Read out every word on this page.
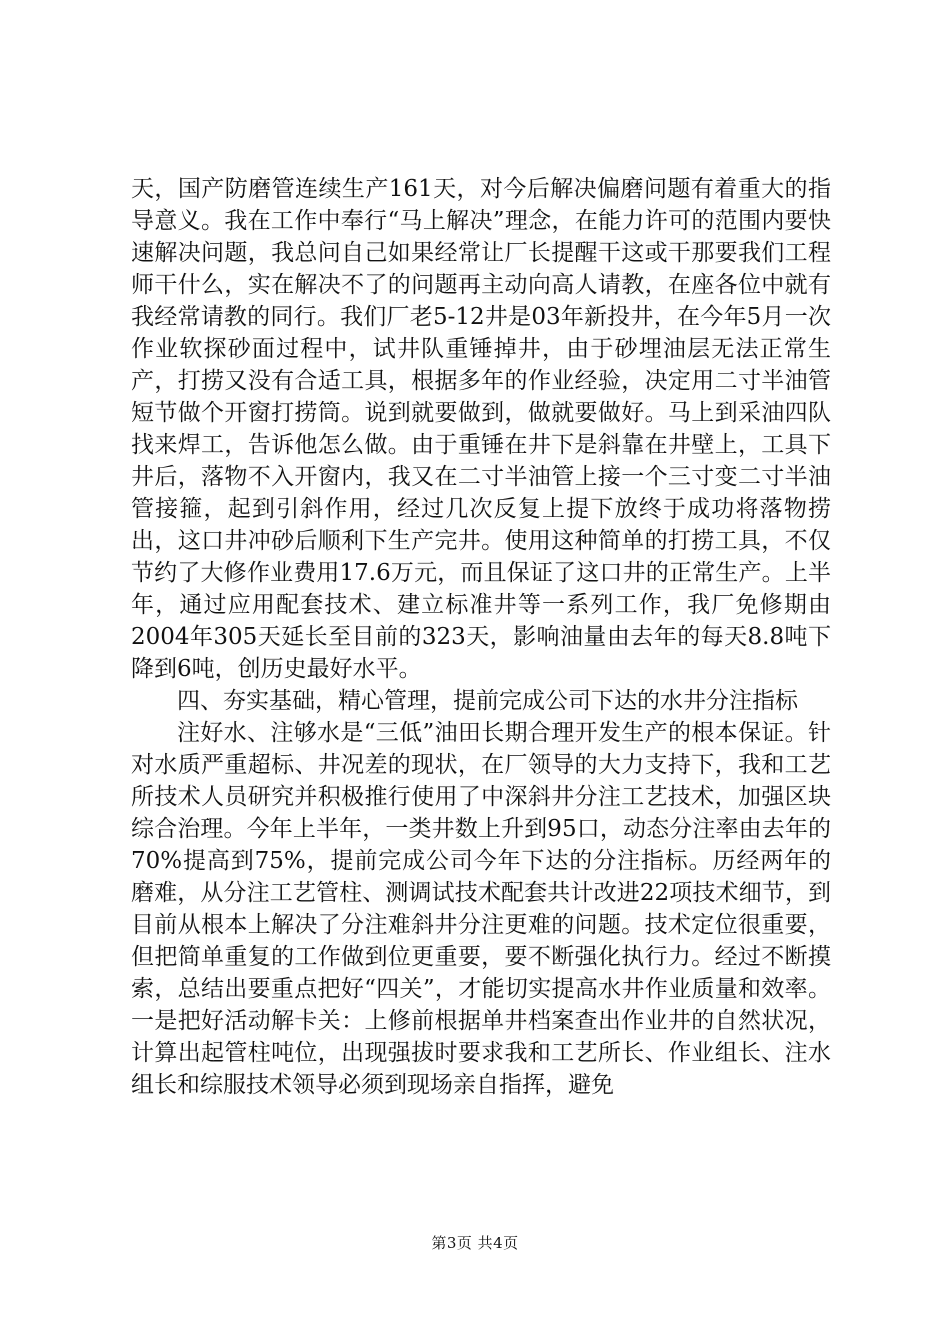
天，国产防磨管连续生产161天，对今后解决偏磨问题有着重大的指导意义。我在工作中奉行“马上解决”理念，在能力许可的范围内要快速解决问题，我总问自己如果经常让厂长提醒干这或干那要我们工程师干什么，实在解决不了的问题再主动向高人请教，在座各位中就有我经常请教的同行。我们厂老5-12井是03年新投井，在今年5月一次作业软探砂面过程中，试井队重锤掉井，由于砂埋油层无法正常生产，打捞又没有合适工具，根据多年的作业经验，决定用二寸半油管短节做个开窗打捞筒。说到就要做到，做就要做好。马上到采油四队找来焊工，告诉他怎么做。由于重锤在井下是斜靠在井壁上，工具下井后，落物不入开窗内，我又在二寸半油管上接一个三寸变二寸半油管接箍，起到引斜作用，经过几次反复上提下放终于成功将落物捞出，这口井冲砂后顺利下生产完井。使用这种简单的打捞工具，不仅节约了大修作业费用17.6万元，而且保证了这口井的正常生产。上半年，通过应用配套技术、建立标准井等一系列工作，我厂免修期由2004年305天延长至目前的323天，影响油量由去年的每天8.8吨下降到6吨，创历史最好水平。

四、夯实基础，精心管理，提前完成公司下达的水井分注指标

注好水、注够水是“三低”油田长期合理开发生产的根本保证。针对水质严重超标、井况差的现状，在厂领导的大力支持下，我和工艺所技术人员研究并积极推行使用了中深斜井分注工艺技术，加强区块综合治理。今年上半年，一类井数上升到95口，动态分注率由去年的70%提高到75%，提前完成公司今年下达的分注指标。历经两年的磨难，从分注工艺管柱、测调试技术配套共计改进22项技术细节，到目前从根本上解决了分注难斜井分注更难的问题。技术定位很重要，但把简单重复的工作做到位更重要，要不断强化执行力。经过不断摸索，总结出要重点把好“四关”，才能切实提高水井作业质量和效率。一是把好活动解卡关：上修前根据单井档案查出作业井的自然状况，计算出起管柱吨位，出现强拔时要求我和工艺所长、作业组长、注水组长和综服技术领导必须到现场亲自指挥，避免

第3页 共4页
